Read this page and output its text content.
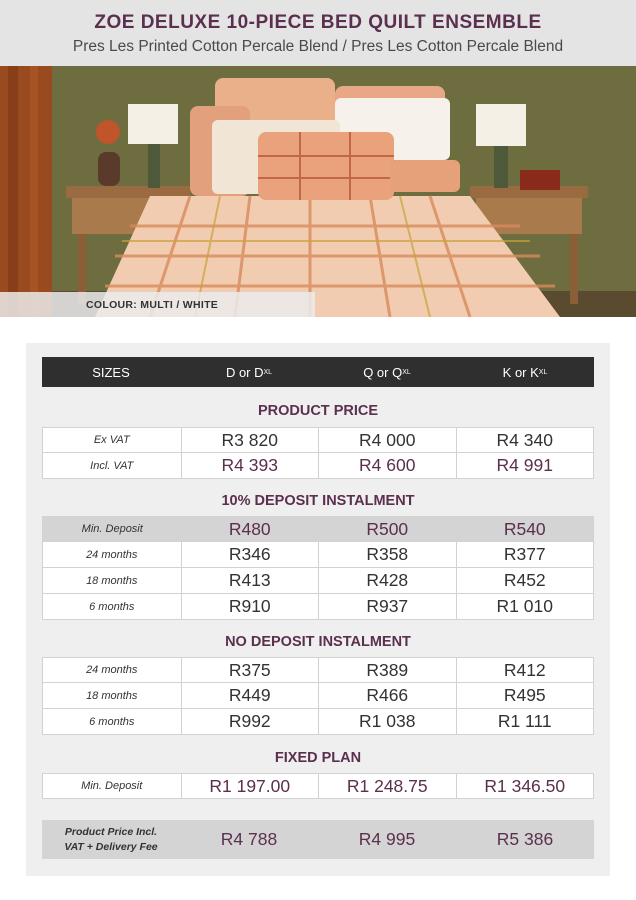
ZOE DELUXE 10-PIECE BED QUILT ENSEMBLE
Pres Les Printed Cotton Percale Blend / Pres Les Cotton Percale Blend
COLOUR: MULTI / WHITE
SIZES	D or D XL	Q or Q XL	K or K XL
PRODUCT PRICE
Ex VAT	R3 820	R4 000	R4 340
Incl. VAT	R4 393	R4 600	R4 991
10% DEPOSIT INSTALMENT
Min. Deposit	R480	R500	R540
24 months	R346	R358	R377
18 months	R413	R428	R452
6 months	R910	R937	R1 010
NO DEPOSIT INSTALMENT
24 months	R375	R389	R412
18 months	R449	R466	R495
6 months	R992	R1 038	R1 111
FIXED PLAN
Min. Deposit	R1 197.00	R1 248.75	R1 346.50
Product Price Incl.
VAT + Delivery Fee	R4 788	R4 995	R5 386
